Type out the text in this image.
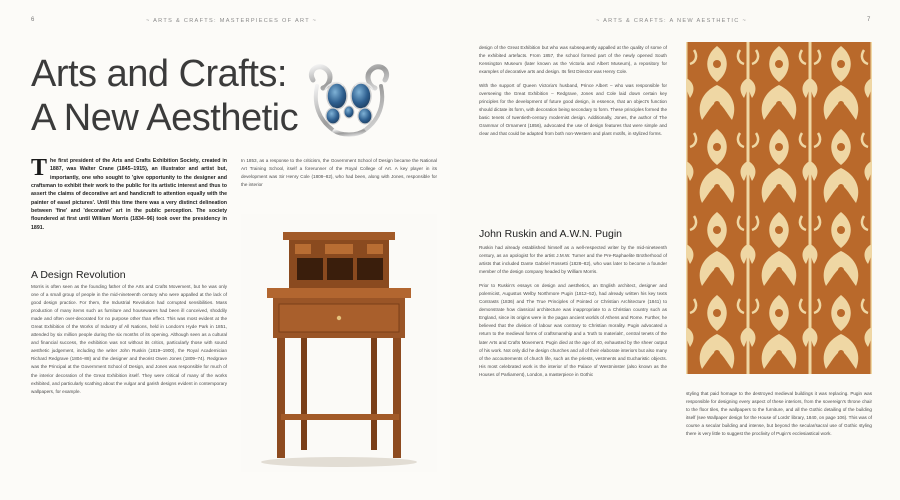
6	~ ARTS & CRAFTS: MASTERPIECES OF ART ~
Arts and Crafts:
A New Aesthetic

The first president of the Arts and Crafts Exhibition Society, created in 1887, was Walter Crane (1845–1915), an illustrator and artist but, importantly, one who sought to 'give opportunity to the designer and craftsman to exhibit their work to the public for its artistic interest and thus to assert the claims of decorative art and handicraft to attention equally with the painter of easel pictures'. Until this time there was a very distinct delineation between 'fine' and 'decorative' art in the public perception. The society floundered at first until William Morris (1834–96) took over the presidency in 1891.

A Design Revolution

Morris is often seen as the founding father of the Arts and Crafts Movement, but he was only one of a small group of people in the mid-nineteenth century who were appalled at the lack of good design practice. For them, the Industrial Revolution had corrupted sensibilities. Mass production of many items such as furniture and housewares had been ill conceived, shoddily made and often over-decorated for no purpose other than effect. This was most evident at the Great Exhibition of the Works of Industry of All Nations, held in London's Hyde Park in 1851, attended by six million people during the six months of its opening. Although seen as a cultural and financial success, the exhibition was not without its critics, particularly those with sound aesthetic judgement, including the writer John Ruskin (1819–1900), the Royal Academician Richard Redgrave (1804–88) and the designer and theorist Owen Jones (1809–74). Redgrave was the Principal at the Government School of Design, and Jones was responsible for much of the interior decoration of the Great Exhibition itself. They were critical of many of the works exhibited, and particularly scathing about the vulgar and garish designs evident in contemporary wallpapers, for example.

In 1853, as a response to the criticism, the Government School of Design became the National Art Training School, itself a forerunner of the Royal College of Art. A key player in its development was Sir Henry Cole (1808–82), who had been, along with Jones, responsible for the interior

~ ARTS & CRAFTS: A NEW AESTHETIC ~	7

design of the Great Exhibition but who was subsequently appalled at the quality of some of the exhibited artefacts. From 1857, the school formed part of the newly opened South Kensington Museum (later known as the Victoria and Albert Museum), a repository for examples of decorative arts and design. Its first Director was Henry Cole.

With the support of Queen Victoria's husband, Prince Albert – who was responsible for overseeing the Great Exhibition – Redgrave, Jones and Cole laid down certain key principles for the development of future good design, in essence, that an object's function should dictate its form, with decoration being secondary to form. These principles formed the basic tenets of twentieth-century modernist design. Additionally, Jones, the author of The Grammar of Ornament (1856), advocated the use of design features that were simple and clear and that could be adapted from both non-Western and plant motifs, in stylized forms.

John Ruskin and A.W.N. Pugin

Ruskin had already established himself as a well-respected writer by the mid-nineteenth century, as an apologist for the artist J.M.W. Turner and the Pre-Raphaelite Brotherhood of artists that included Dante Gabriel Rossetti (1828–82), who was later to become a founder member of the design company headed by William Morris.

Prior to Ruskin's essays on design and aesthetics, an English architect, designer and polemicist, Augustus Welby Northmore Pugin (1812–52), had already written his key texts Contrasts (1836) and The True Principles of Pointed or Christian Architecture (1841) to demonstrate how classical architecture was inappropriate to a Christian country such as England, since its origins were in the pagan ancient worlds of Athens and Rome. Further, he believed that the division of labour was contrary to Christian morality. Pugin advocated a return to the medieval forms of craftsmanship and a 'truth to materials', central tenets of the later Arts and Crafts Movement. Pugin died at the age of 40, exhausted by the sheer output of his work. Not only did he design churches and all of their elaborate interiors but also many of the accoutrements of church life, such as the priests, vestments and Eucharistic objects. His most celebrated work is the interior of the Palace of Westminster (also known as the Houses of Parliament), London, a masterpiece in Gothic

styling that paid homage to the destroyed medieval buildings it was replacing. Pugin was responsible for designing every aspect of these interiors, from the sovereign's throne chair to the floor tiles, the wallpapers to the furniture, and all the Gothic detailing of the building itself (see Wallpaper design for the House of Lords' library, 1840, on page 106). This was of course a secular building and intense, but beyond the secular/sacral use of Gothic styling there is very little to suggest the proclivity of Pugin's ecclesiastical work.
